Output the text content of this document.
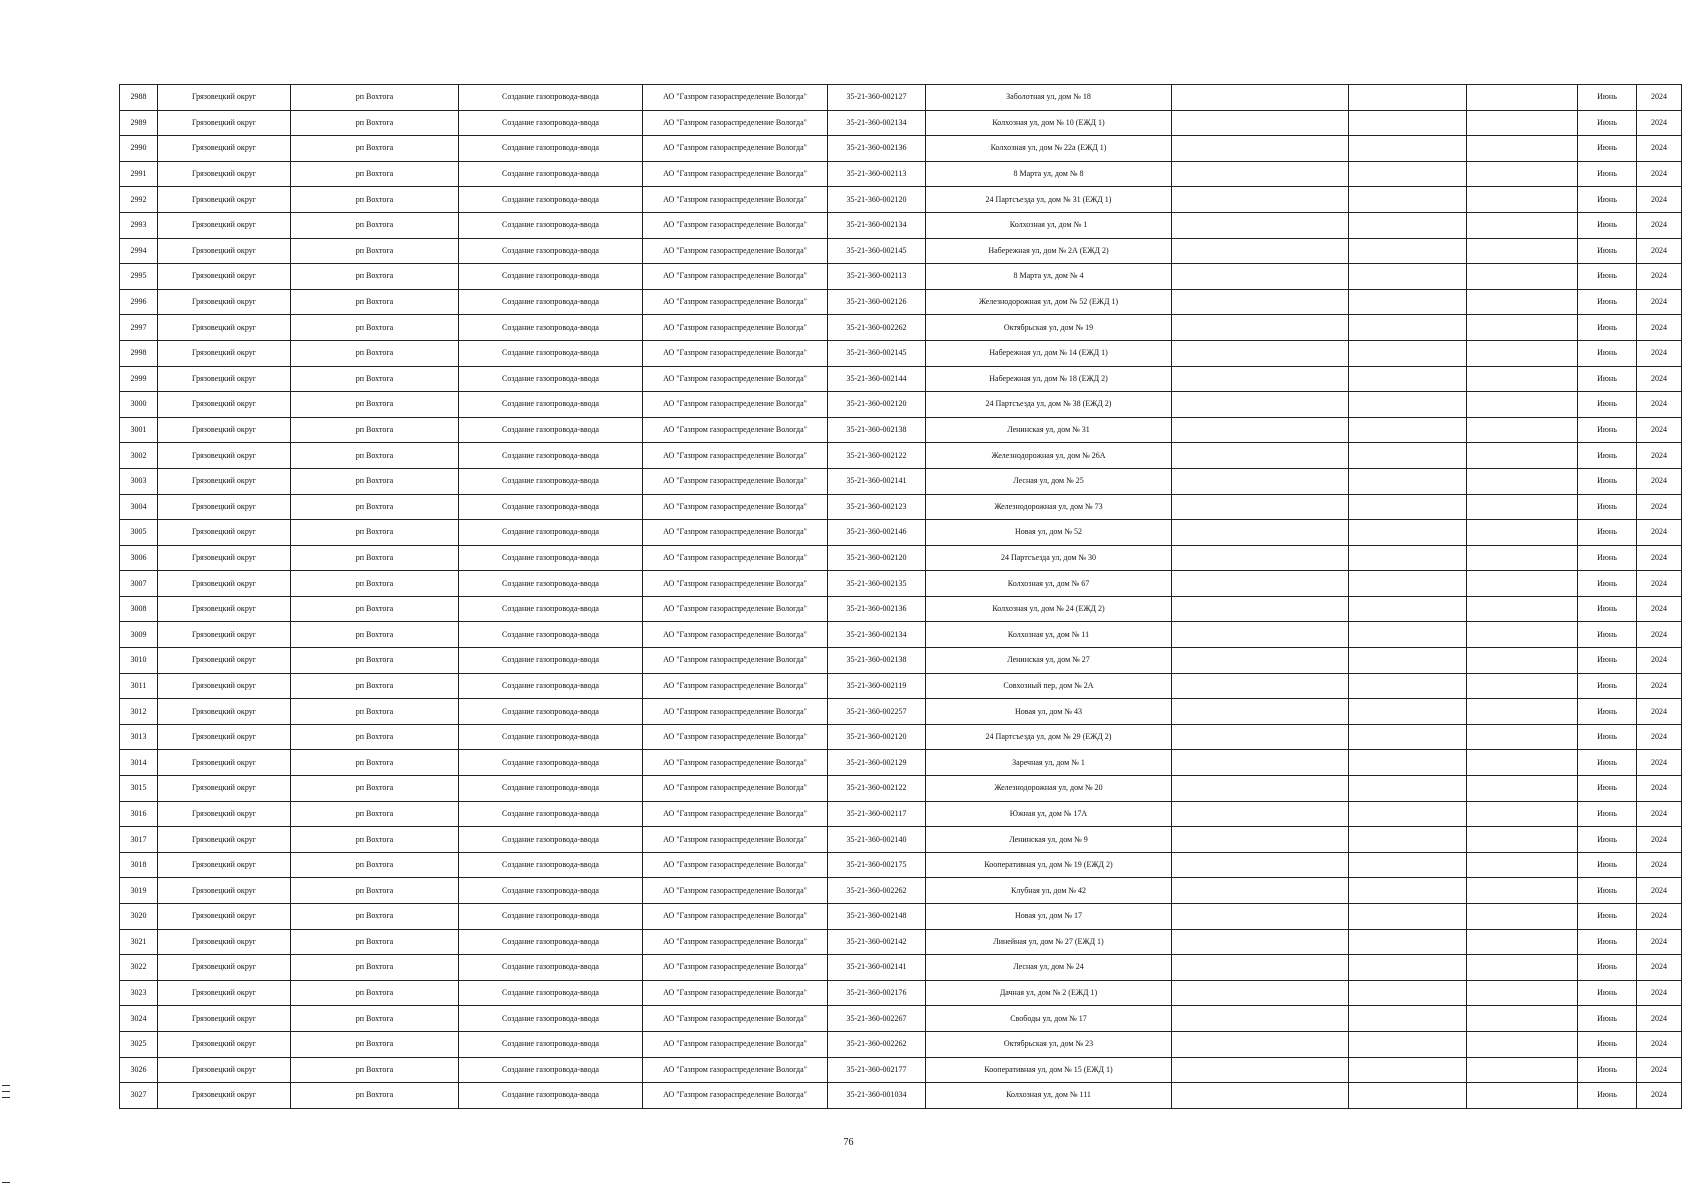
2988	Грязовецкий округ	рп Вохтога	Создание газопровода-ввода	АО "Газпром газораспределение Вологда"	35-21-360-002127	Заболотная ул, дом № 18				Июнь	2024
2989	Грязовецкий округ	рп Вохтога	Создание газопровода-ввода	АО "Газпром газораспределение Вологда"	35-21-360-002134	Колхозная ул, дом № 10 (ЕЖД 1)				Июнь	2024
2990	Грязовецкий округ	рп Вохтога	Создание газопровода-ввода	АО "Газпром газораспределение Вологда"	35-21-360-002136	Колхозная ул, дом № 22а (ЕЖД 1)				Июнь	2024
2991	Грязовецкий округ	рп Вохтога	Создание газопровода-ввода	АО "Газпром газораспределение Вологда"	35-21-360-002113	8 Марта ул, дом № 8				Июнь	2024
2992	Грязовецкий округ	рп Вохтога	Создание газопровода-ввода	АО "Газпром газораспределение Вологда"	35-21-360-002120	24 Партсъезда ул, дом № 31 (ЕЖД 1)				Июнь	2024
2993	Грязовецкий округ	рп Вохтога	Создание газопровода-ввода	АО "Газпром газораспределение Вологда"	35-21-360-002134	Колхозная ул, дом № 1				Июнь	2024
2994	Грязовецкий округ	рп Вохтога	Создание газопровода-ввода	АО "Газпром газораспределение Вологда"	35-21-360-002145	Набережная ул, дом № 2А (ЕЖД 2)				Июнь	2024
2995	Грязовецкий округ	рп Вохтога	Создание газопровода-ввода	АО "Газпром газораспределение Вологда"	35-21-360-002113	8 Марта ул, дом № 4				Июнь	2024
2996	Грязовецкий округ	рп Вохтога	Создание газопровода-ввода	АО "Газпром газораспределение Вологда"	35-21-360-002126	Железнодорожная ул, дом № 52 (ЕЖД 1)				Июнь	2024
2997	Грязовецкий округ	рп Вохтога	Создание газопровода-ввода	АО "Газпром газораспределение Вологда"	35-21-360-002262	Октябрьская ул, дом № 19				Июнь	2024
2998	Грязовецкий округ	рп Вохтога	Создание газопровода-ввода	АО "Газпром газораспределение Вологда"	35-21-360-002145	Набережная ул, дом № 14 (ЕЖД 1)				Июнь	2024
2999	Грязовецкий округ	рп Вохтога	Создание газопровода-ввода	АО "Газпром газораспределение Вологда"	35-21-360-002144	Набережная ул, дом № 18 (ЕЖД 2)				Июнь	2024
3000	Грязовецкий округ	рп Вохтога	Создание газопровода-ввода	АО "Газпром газораспределение Вологда"	35-21-360-002120	24 Партсъезда ул, дом № 38 (ЕЖД 2)				Июнь	2024
3001	Грязовецкий округ	рп Вохтога	Создание газопровода-ввода	АО "Газпром газораспределение Вологда"	35-21-360-002138	Ленинская ул, дом № 31				Июнь	2024
3002	Грязовецкий округ	рп Вохтога	Создание газопровода-ввода	АО "Газпром газораспределение Вологда"	35-21-360-002122	Железнодорожная ул, дом № 26А				Июнь	2024
3003	Грязовецкий округ	рп Вохтога	Создание газопровода-ввода	АО "Газпром газораспределение Вологда"	35-21-360-002141	Лесная ул, дом № 25				Июнь	2024
3004	Грязовецкий округ	рп Вохтога	Создание газопровода-ввода	АО "Газпром газораспределение Вологда"	35-21-360-002123	Железнодорожная ул, дом № 73				Июнь	2024
3005	Грязовецкий округ	рп Вохтога	Создание газопровода-ввода	АО "Газпром газораспределение Вологда"	35-21-360-002146	Новая ул, дом № 52				Июнь	2024
3006	Грязовецкий округ	рп Вохтога	Создание газопровода-ввода	АО "Газпром газораспределение Вологда"	35-21-360-002120	24 Партсъезда ул, дом № 30				Июнь	2024
3007	Грязовецкий округ	рп Вохтога	Создание газопровода-ввода	АО "Газпром газораспределение Вологда"	35-21-360-002135	Колхозная ул, дом № 67				Июнь	2024
3008	Грязовецкий округ	рп Вохтога	Создание газопровода-ввода	АО "Газпром газораспределение Вологда"	35-21-360-002136	Колхозная ул, дом № 24 (ЕЖД 2)				Июнь	2024
3009	Грязовецкий округ	рп Вохтога	Создание газопровода-ввода	АО "Газпром газораспределение Вологда"	35-21-360-002134	Колхозная ул, дом № 11				Июнь	2024
3010	Грязовецкий округ	рп Вохтога	Создание газопровода-ввода	АО "Газпром газораспределение Вологда"	35-21-360-002138	Ленинская ул, дом № 27				Июнь	2024
3011	Грязовецкий округ	рп Вохтога	Создание газопровода-ввода	АО "Газпром газораспределение Вологда"	35-21-360-002119	Совхозный пер, дом № 2А				Июнь	2024
3012	Грязовецкий округ	рп Вохтога	Создание газопровода-ввода	АО "Газпром газораспределение Вологда"	35-21-360-002257	Новая ул, дом № 43				Июнь	2024
3013	Грязовецкий округ	рп Вохтога	Создание газопровода-ввода	АО "Газпром газораспределение Вологда"	35-21-360-002120	24 Партсъезда ул, дом № 29 (ЕЖД 2)				Июнь	2024
3014	Грязовецкий округ	рп Вохтога	Создание газопровода-ввода	АО "Газпром газораспределение Вологда"	35-21-360-002129	Заречная ул, дом № 1				Июнь	2024
3015	Грязовецкий округ	рп Вохтога	Создание газопровода-ввода	АО "Газпром газораспределение Вологда"	35-21-360-002122	Железнодорожная ул, дом № 20				Июнь	2024
3016	Грязовецкий округ	рп Вохтога	Создание газопровода-ввода	АО "Газпром газораспределение Вологда"	35-21-360-002117	Южная ул, дом № 17А				Июнь	2024
3017	Грязовецкий округ	рп Вохтога	Создание газопровода-ввода	АО "Газпром газораспределение Вологда"	35-21-360-002140	Ленинская ул, дом № 9				Июнь	2024
3018	Грязовецкий округ	рп Вохтога	Создание газопровода-ввода	АО "Газпром газораспределение Вологда"	35-21-360-002175	Кооперативная ул, дом № 19 (ЕЖД 2)				Июнь	2024
3019	Грязовецкий округ	рп Вохтога	Создание газопровода-ввода	АО "Газпром газораспределение Вологда"	35-21-360-002262	Клубная ул, дом № 42				Июнь	2024
3020	Грязовецкий округ	рп Вохтога	Создание газопровода-ввода	АО "Газпром газораспределение Вологда"	35-21-360-002148	Новая ул, дом № 17				Июнь	2024
3021	Грязовецкий округ	рп Вохтога	Создание газопровода-ввода	АО "Газпром газораспределение Вологда"	35-21-360-002142	Линейная ул, дом № 27 (ЕЖД 1)				Июнь	2024
3022	Грязовецкий округ	рп Вохтога	Создание газопровода-ввода	АО "Газпром газораспределение Вологда"	35-21-360-002141	Лесная ул, дом № 24				Июнь	2024
3023	Грязовецкий округ	рп Вохтога	Создание газопровода-ввода	АО "Газпром газораспределение Вологда"	35-21-360-002176	Дачная ул, дом № 2 (ЕЖД 1)				Июнь	2024
3024	Грязовецкий округ	рп Вохтога	Создание газопровода-ввода	АО "Газпром газораспределение Вологда"	35-21-360-002267	Свободы ул, дом № 17				Июнь	2024
3025	Грязовецкий округ	рп Вохтога	Создание газопровода-ввода	АО "Газпром газораспределение Вологда"	35-21-360-002262	Октябрьская ул, дом № 23				Июнь	2024
3026	Грязовецкий округ	рп Вохтога	Создание газопровода-ввода	АО "Газпром газораспределение Вологда"	35-21-360-002177	Кооперативная ул, дом № 15 (ЕЖД 1)				Июнь	2024
3027	Грязовецкий округ	рп Вохтога	Создание газопровода-ввода	АО "Газпром газораспределение Вологда"	35-21-360-001034	Колхозная ул, дом № 111				Июнь	2024
76
